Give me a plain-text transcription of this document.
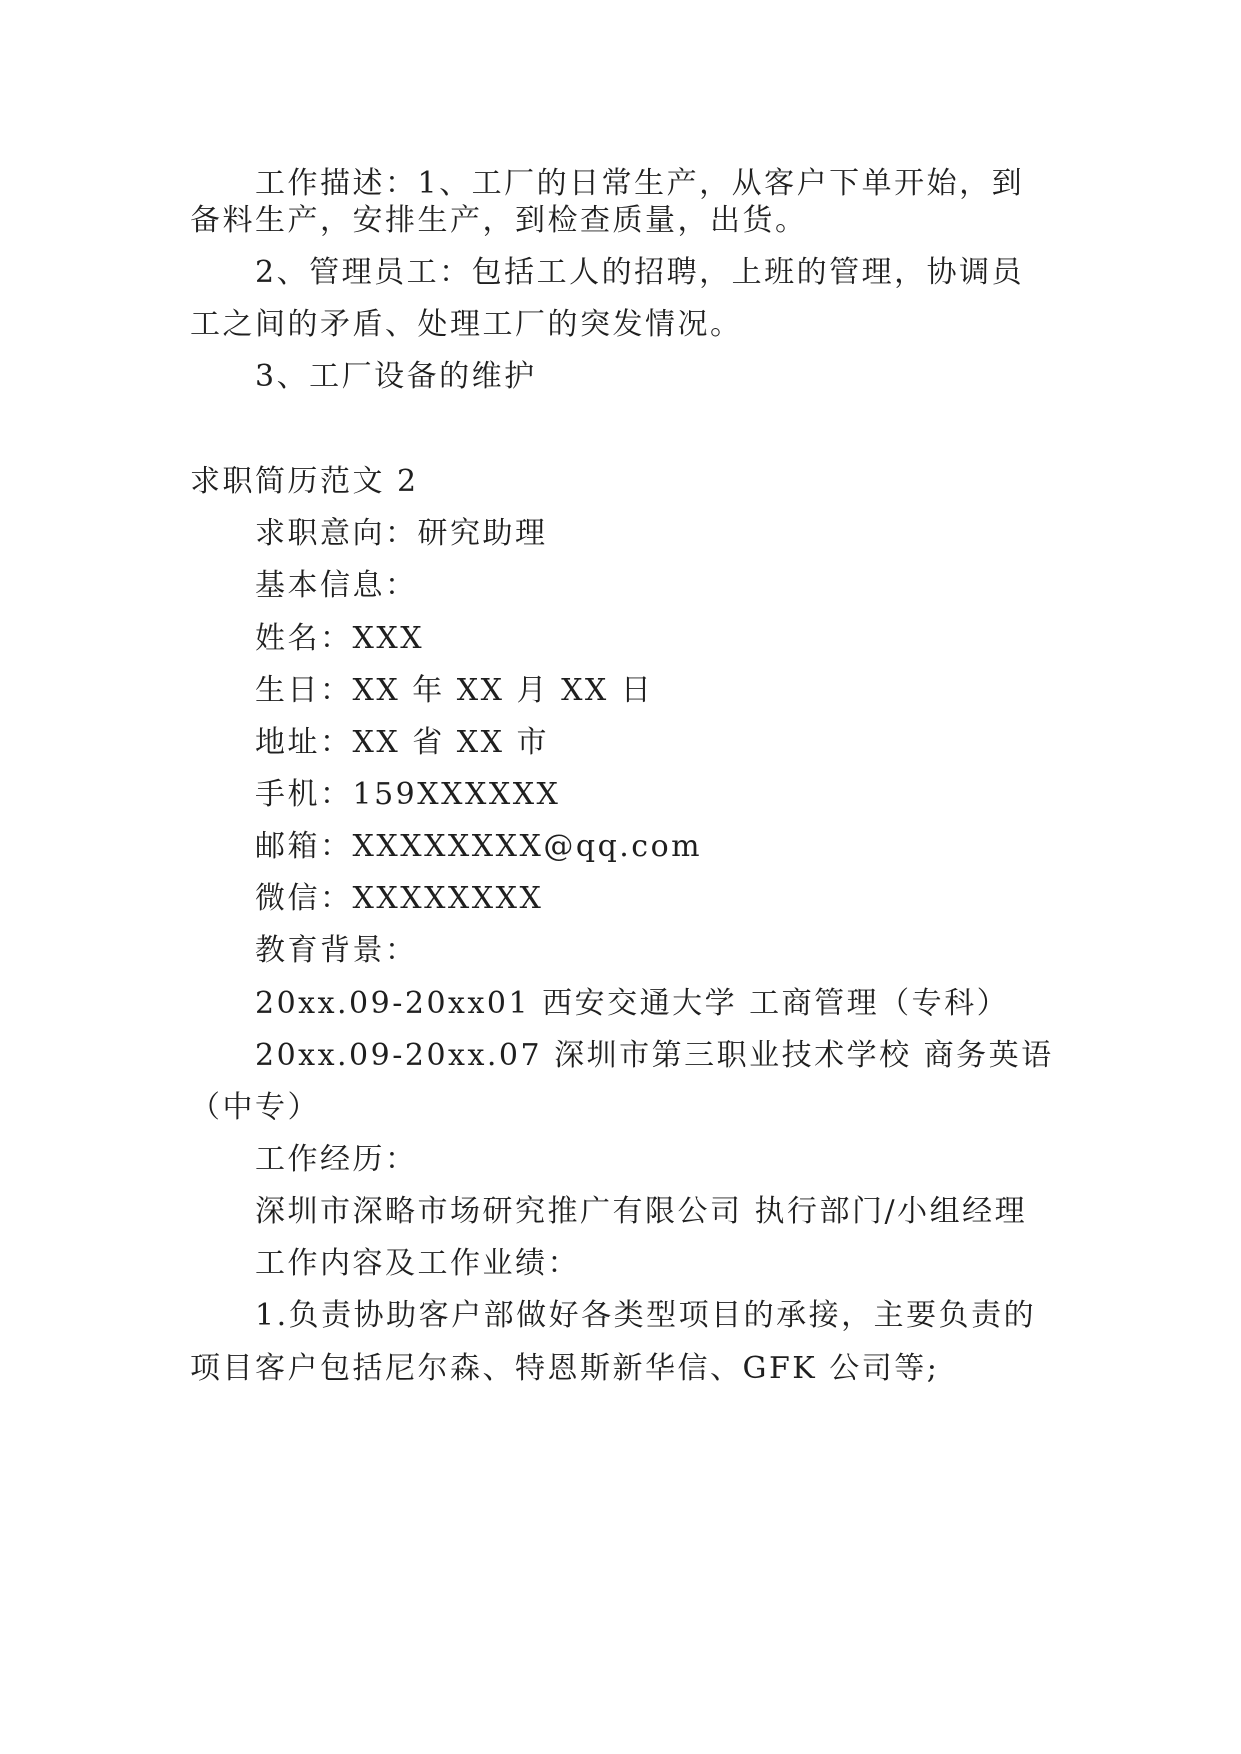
工作描述：1、工厂的日常生产，从客户下单开始，到
备料生产，安排生产，到检查质量，出货。
2、管理员工：包括工人的招聘，上班的管理，协调员
工之间的矛盾、处理工厂的突发情况。
3、工厂设备的维护
求职简历范文 2
求职意向：研究助理
基本信息：
姓名：XXX
生日：XX 年 XX 月 XX 日
地址：XX 省 XX 市
手机：159XXXXXX
邮箱：XXXXXXXX@qq.com
微信：XXXXXXXX
教育背景：
20xx.09-20xx01 西安交通大学 工商管理（专科）
20xx.09-20xx.07 深圳市第三职业技术学校 商务英语
（中专）
工作经历：
深圳市深略市场研究推广有限公司 执行部门/小组经理
工作内容及工作业绩：
1.负责协助客户部做好各类型项目的承接，主要负责的
项目客户包括尼尔森、特恩斯新华信、GFK 公司等;
